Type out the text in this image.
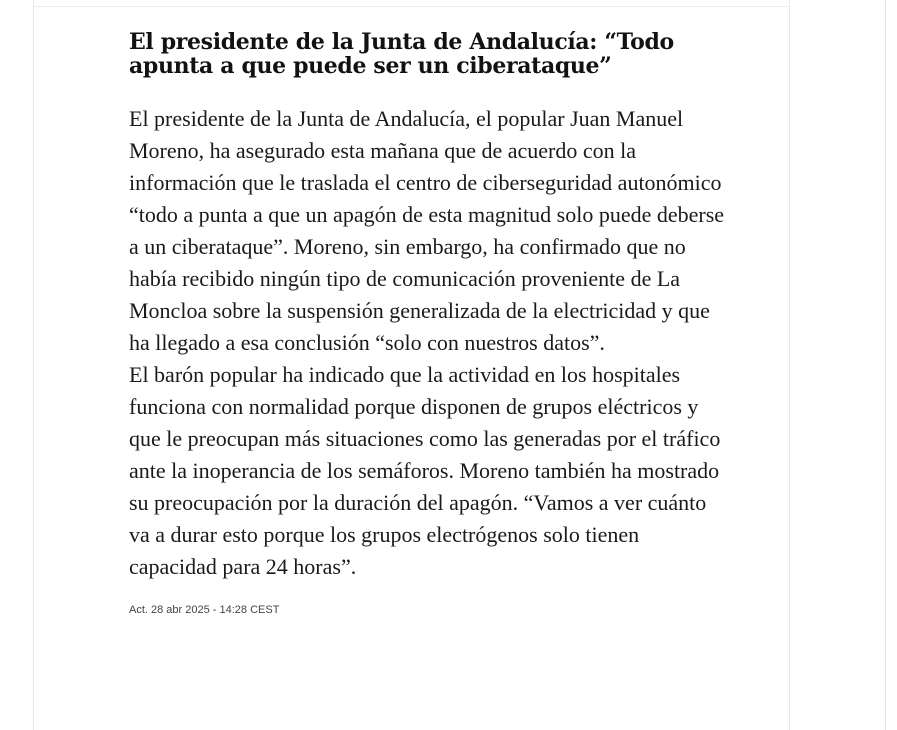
El presidente de la Junta de Andalucía: “Todo apunta a que puede ser un ciberataque”

El presidente de la Junta de Andalucía, el popular Juan Manuel Moreno, ha asegurado esta mañana que de acuerdo con la información que le traslada el centro de ciberseguridad autonómico “todo a punta a que un apagón de esta magnitud solo puede deberse a un ciberataque”. Moreno, sin embargo, ha confirmado que no había recibido ningún tipo de comunicación proveniente de La Moncloa sobre la suspensión generalizada de la electricidad y que ha llegado a esa conclusión “solo con nuestros datos”.

El barón popular ha indicado que la actividad en los hospitales funciona con normalidad porque disponen de grupos eléctricos y que le preocupan más situaciones como las generadas por el tráfico ante la inoperancia de los semáforos. Moreno también ha mostrado su preocupación por la duración del apagón. “Vamos a ver cuánto va a durar esto porque los grupos electrógenos solo tienen capacidad para 24 horas”.

Act. 28 abr 2025 - 14:28 CEST
